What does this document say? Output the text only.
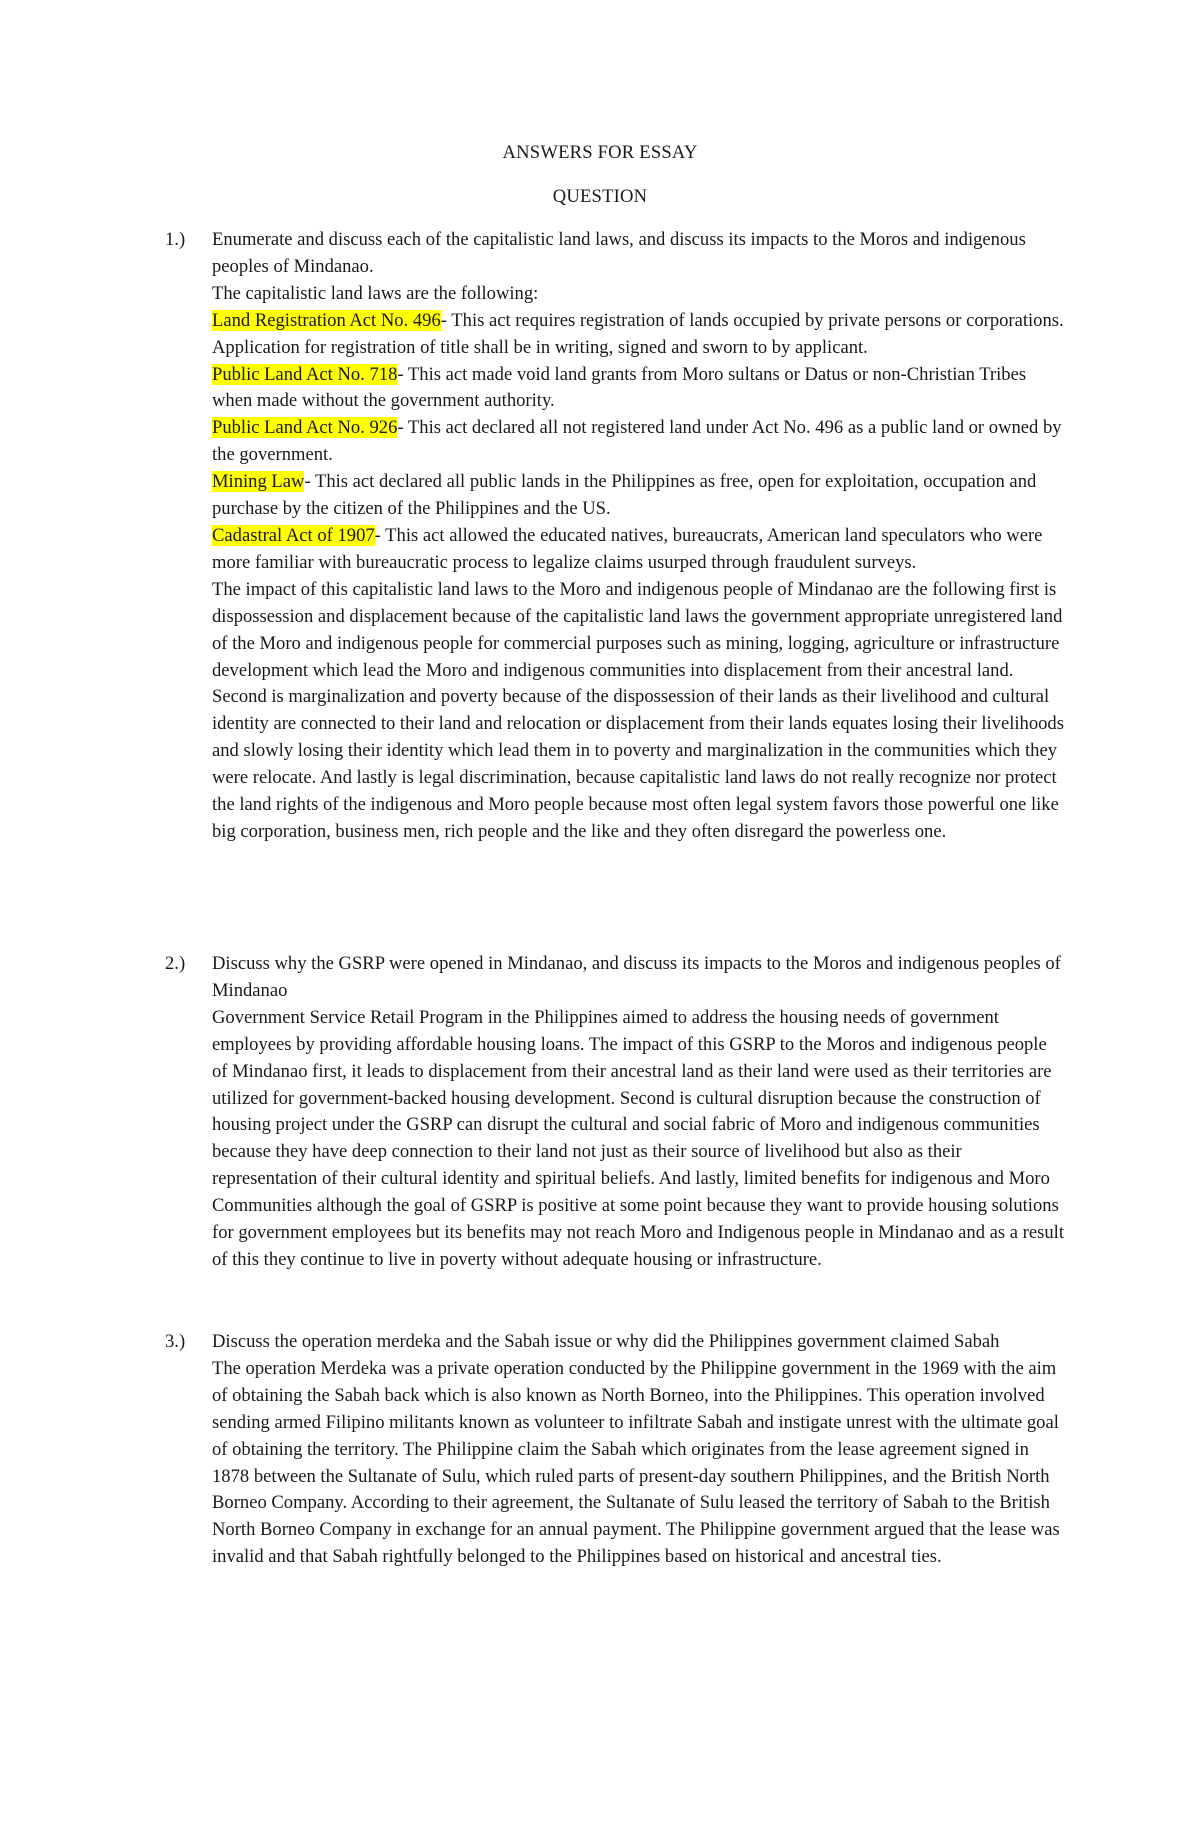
ANSWERS FOR ESSAY
QUESTION
1.) Enumerate and discuss each of the capitalistic land laws, and discuss its impacts to the Moros and indigenous peoples of Mindanao.

The capitalistic land laws are the following:

Land Registration Act No. 496- This act requires registration of lands occupied by private persons or corporations. Application for registration of title shall be in writing, signed and sworn to by applicant.

Public Land Act No. 718- This act made void land grants from Moro sultans or Datus or non-Christian Tribes when made without the government authority.

Public Land Act No. 926- This act declared all not registered land under Act No. 496 as a public land or owned by the government.

Mining Law- This act declared all public lands in the Philippines as free, open for exploitation, occupation and purchase by the citizen of the Philippines and the US.

Cadastral Act of 1907- This act allowed the educated natives, bureaucrats, American land speculators who were more familiar with bureaucratic process to legalize claims usurped through fraudulent surveys.

The impact of this capitalistic land laws to the Moro and indigenous people of Mindanao are the following first is dispossession and displacement because of the capitalistic land laws the government appropriate unregistered land of the Moro and indigenous people for commercial purposes such as mining, logging, agriculture or infrastructure development which lead the Moro and indigenous communities into displacement from their ancestral land. Second is marginalization and poverty because of the dispossession of their lands as their livelihood and cultural identity are connected to their land and relocation or displacement from their lands equates losing their livelihoods and slowly losing their identity which lead them in to poverty and marginalization in the communities which they were relocate. And lastly is legal discrimination, because capitalistic land laws do not really recognize nor protect the land rights of the indigenous and Moro people because most often legal system favors those powerful one like big corporation, business men, rich people and the like and they often disregard the powerless one.

2.) Discuss why the GSRP were opened in Mindanao, and discuss its impacts to the Moros and indigenous peoples of Mindanao

Government Service Retail Program in the Philippines aimed to address the housing needs of government employees by providing affordable housing loans. The impact of this GSRP to the Moros and indigenous people of Mindanao first, it leads to displacement from their ancestral land as their land were used as their territories are utilized for government-backed housing development. Second is cultural disruption because the construction of housing project under the GSRP can disrupt the cultural and social fabric of Moro and indigenous communities because they have deep connection to their land not just as their source of livelihood but also as their representation of their cultural identity and spiritual beliefs. And lastly, limited benefits for indigenous and Moro Communities although the goal of GSRP is positive at some point because they want to provide housing solutions for government employees but its benefits may not reach Moro and Indigenous people in Mindanao and as a result of this they continue to live in poverty without adequate housing or infrastructure.

3.) Discuss the operation merdeka and the Sabah issue or why did the Philippines government claimed Sabah

The operation Merdeka was a private operation conducted by the Philippine government in the 1969 with the aim of obtaining the Sabah back which is also known as North Borneo, into the Philippines. This operation involved sending armed Filipino militants known as volunteer to infiltrate Sabah and instigate unrest with the ultimate goal of obtaining the territory. The Philippine claim the Sabah which originates from the lease agreement signed in 1878 between the Sultanate of Sulu, which ruled parts of present-day southern Philippines, and the British North Borneo Company. According to their agreement, the Sultanate of Sulu leased the territory of Sabah to the British North Borneo Company in exchange for an annual payment. The Philippine government argued that the lease was invalid and that Sabah rightfully belonged to the Philippines based on historical and ancestral ties.
